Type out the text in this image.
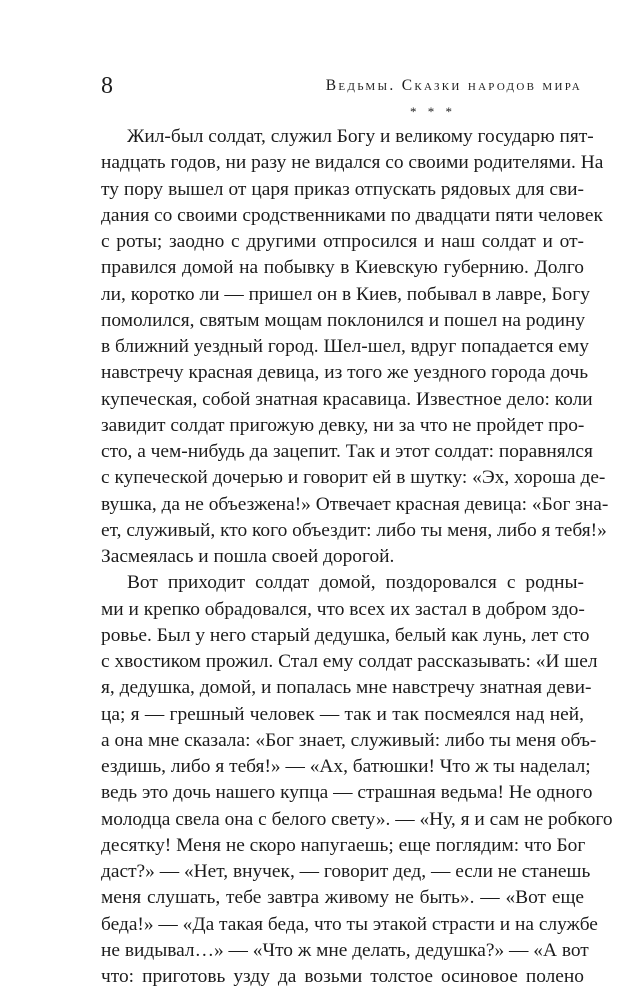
8	Ведьмы. Сказки народов мира
* * *
Жил-был солдат, служил Богу и великому государю пят-
надцать годов, ни разу не видался со своими родителями. На
ту пору вышел от царя приказ отпускать рядовых для сви-
дания со своими сродственниками по двадцати пяти человек
с роты; заодно с другими отпросился и наш солдат и от-
правился домой на побывку в Киевскую губернию. Долго
ли, коротко ли — пришел он в Киев, побывал в лавре, Богу
помолился, святым мощам поклонился и пошел на родину
в ближний уездный город. Шел-шел, вдруг попадается ему
навстречу красная девица, из того же уездного города дочь
купеческая, собой знатная красавица. Известное дело: коли
завидит солдат пригожую девку, ни за что не пройдет про-
сто, а чем-нибудь да зацепит. Так и этот солдат: поравнялся
с купеческой дочерью и говорит ей в шутку: «Эх, хороша де-
вушка, да не объезжена!» Отвечает красная девица: «Бог зна-
ет, служивый, кто кого объездит: либо ты меня, либо я тебя!»
Засмеялась и пошла своей дорогой.
Вот приходит солдат домой, поздоровался с родны-
ми и крепко обрадовался, что всех их застал в добром здо-
ровье. Был у него старый дедушка, белый как лунь, лет сто
с хвостиком прожил. Стал ему солдат рассказывать: «И шел
я, дедушка, домой, и попалась мне навстречу знатная деви-
ца; я — грешный человек — так и так посмеялся над ней,
а она мне сказала: «Бог знает, служивый: либо ты меня объ-
ездишь, либо я тебя!» — «Ах, батюшки! Что ж ты наделал;
ведь это дочь нашего купца — страшная ведьма! Не одного
молодца свела она с белого свету». — «Ну, я и сам не робкого
десятку! Меня не скоро напугаешь; еще поглядим: что Бог
даст?» — «Нет, внучек, — говорит дед, — если не станешь
меня слушать, тебе завтра живому не быть». — «Вот еще
беда!» — «Да такая беда, что ты этакой страсти и на службе
не видывал…» — «Что ж мне делать, дедушка?» — «А вот
что: приготовь узду да возьми толстое осиновое полено
